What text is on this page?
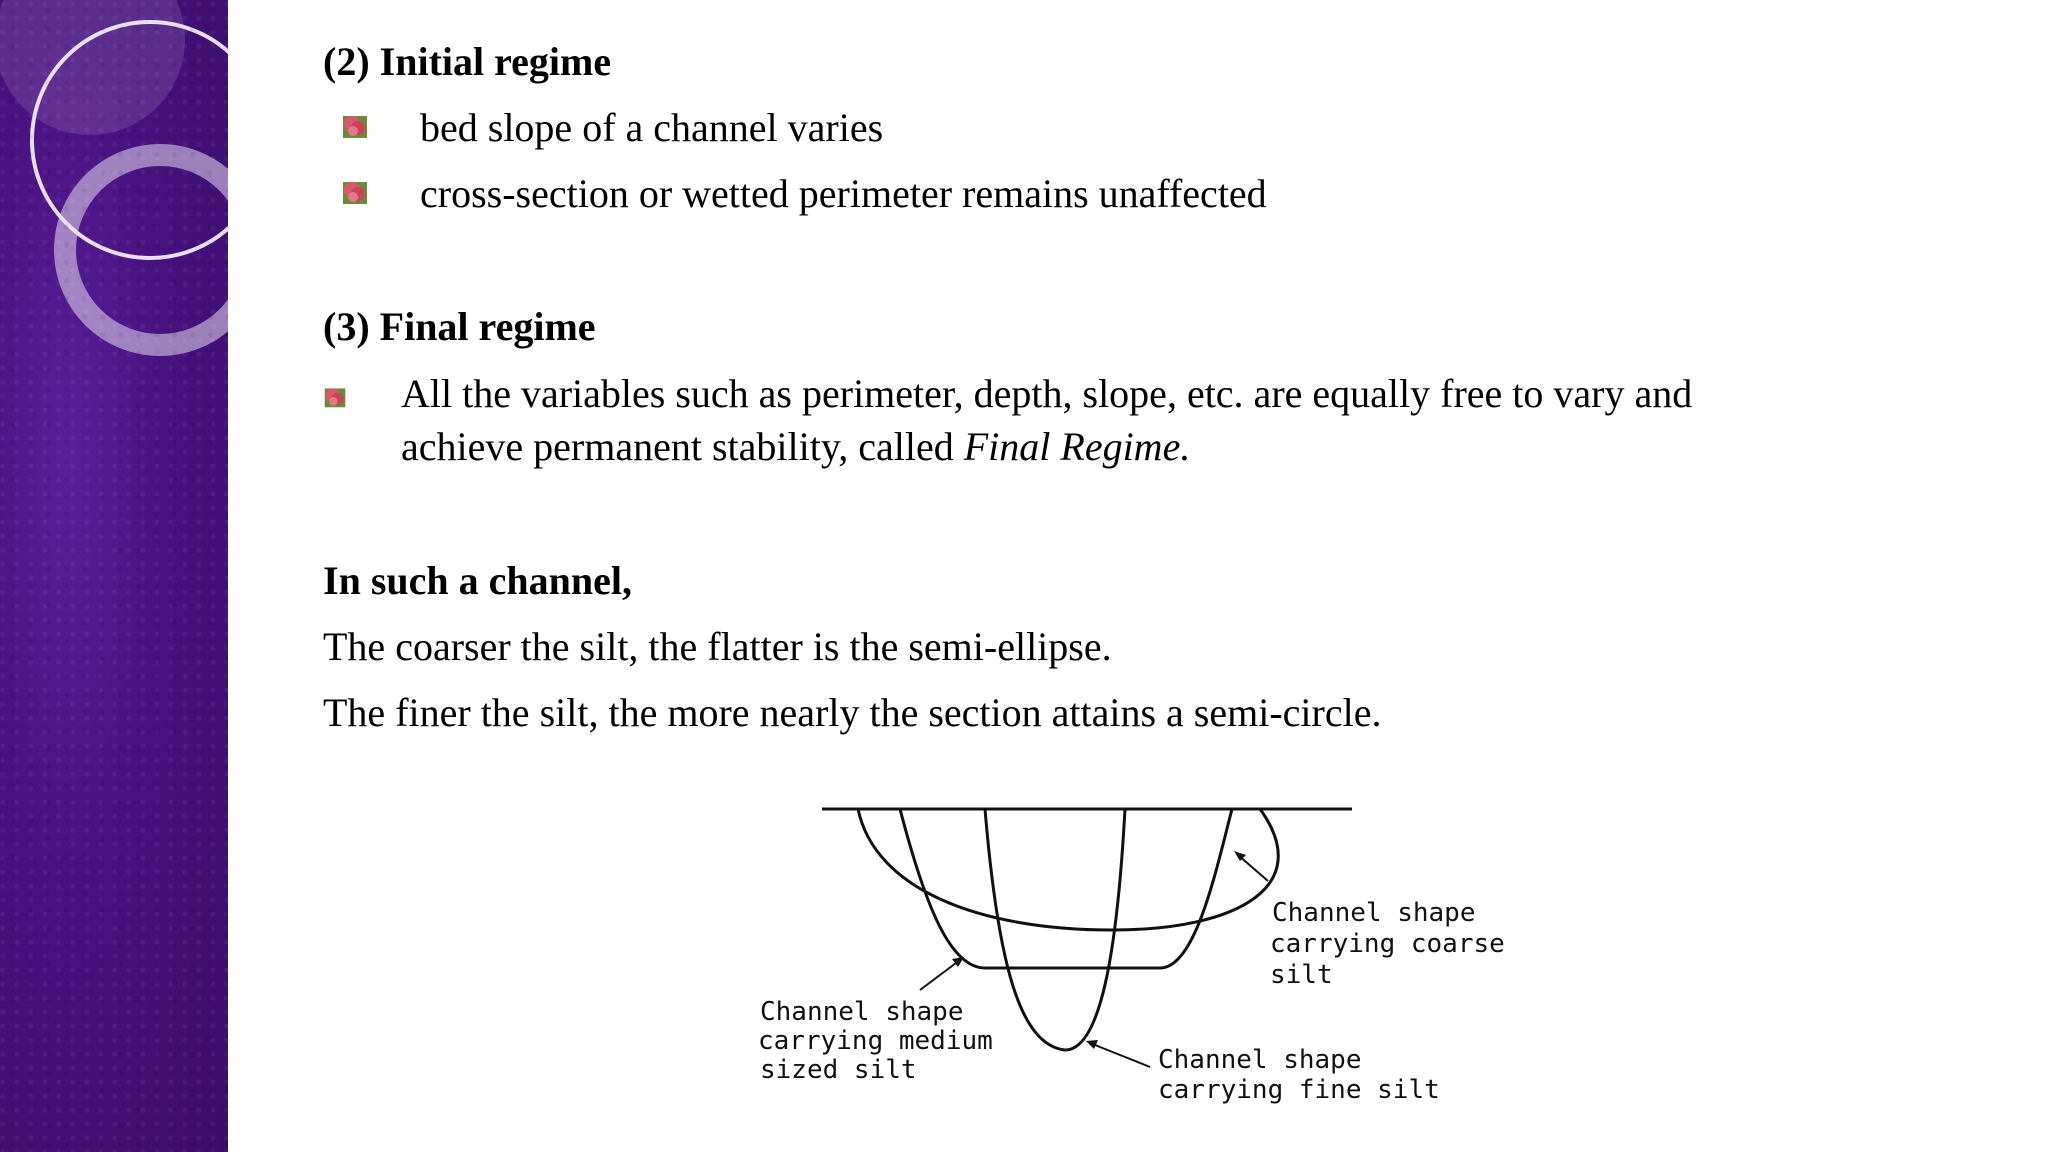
(2) Initial regime
bed slope of a channel varies
cross-section or wetted perimeter remains unaffected
(3) Final regime
All the variables such as perimeter, depth, slope, etc. are equally free to vary and
achieve permanent stability, called Final Regime.
In such a channel,
The coarser the silt, the flatter is the semi-ellipse.
The finer the silt, the more nearly the section attains a semi-circle.
Channel shape
carrying coarse
silt
Channel shape
carrying medium
sized silt	Channel shape
carrying fine silt
